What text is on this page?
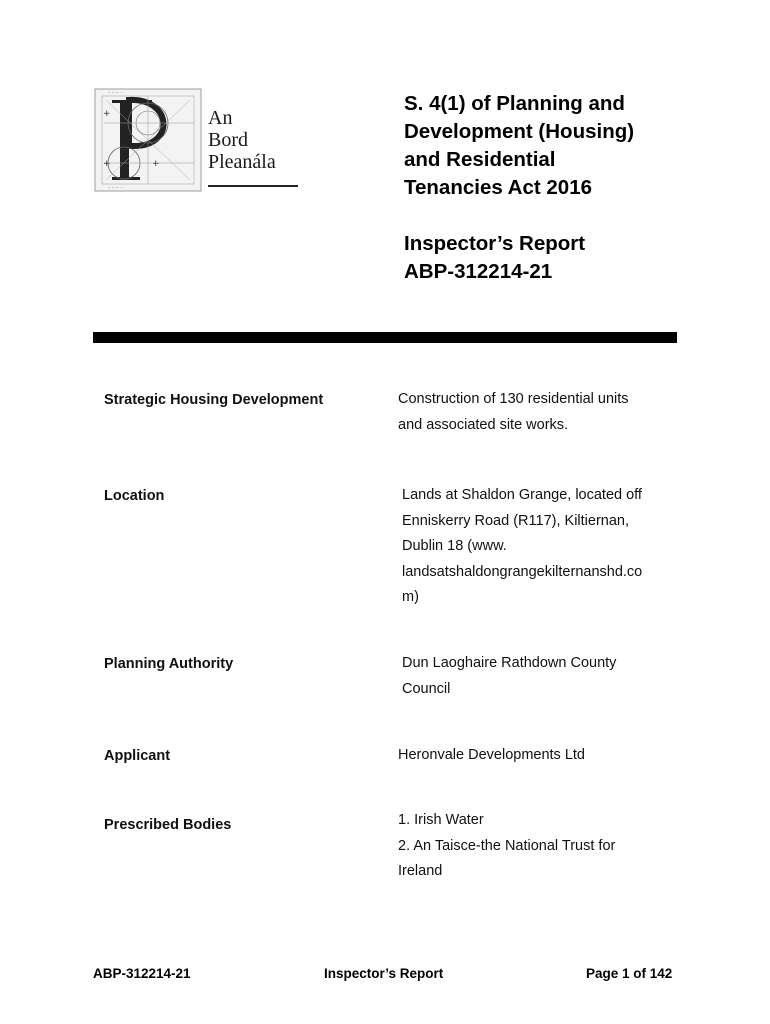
·· ·· ·· · ·
·· ·· ·· · ·
+
+	+
An
Bord
Pleanála
S. 4(1) of Planning and
Development (Housing)
and Residential
Tenancies Act 2016
Inspector’s Report
ABP-312214-21
Strategic Housing Development	Construction of 130 residential units
and associated site works.
Location	Lands at Shaldon Grange, located off
Enniskerry Road (R117), Kiltiernan,
Dublin 18 (www.
landsatshaldongrangekilternanshd.co
m)
Planning Authority	Dun Laoghaire Rathdown County
Council
Applicant	Heronvale Developments Ltd
Prescribed Bodies	1. Irish Water
2. An Taisce-the National Trust for
Ireland
ABP-312214-21	Inspector’s Report	Page 1 of 142
